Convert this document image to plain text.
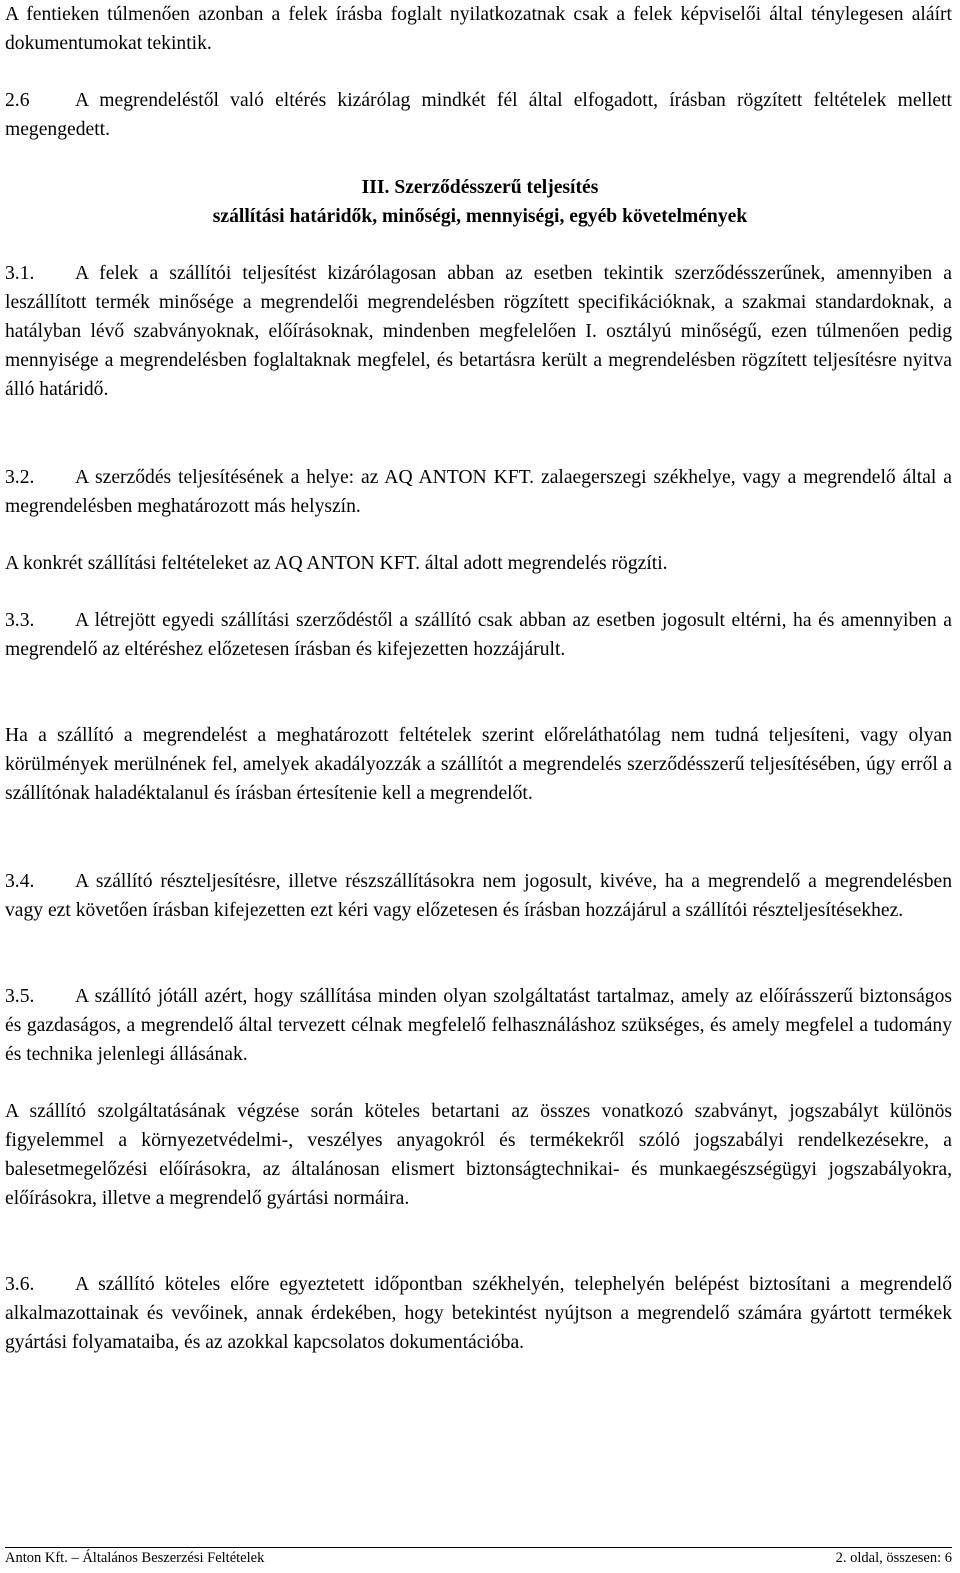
A fentieken túlmenően azonban a felek írásba foglalt nyilatkozatnak csak a felek képviselői által ténylegesen aláírt dokumentumokat tekintik.

2.6 A megrendeléstől való eltérés kizárólag mindkét fél által elfogadott, írásban rögzített feltételek mellett megengedett.

III. Szerződésszerű teljesítés
szállítási határidők, minőségi, mennyiségi, egyéb követelmények

3.1. A felek a szállítói teljesítést kizárólagosan abban az esetben tekintik szerződésszerűnek, amennyiben a leszállított termék minősége a megrendelői megrendelésben rögzített specifikációknak, a szakmai standardoknak, a hatályban lévő szabványoknak, előírásoknak, mindenben megfelelően I. osztályú minőségű, ezen túlmenően pedig mennyisége a megrendelésben foglaltaknak megfelel, és betartásra került a megrendelésben rögzített teljesítésre nyitva álló határidő.

3.2. A szerződés teljesítésének a helye: az AQ ANTON KFT. zalaegerszegi székhelye, vagy a megrendelő által a megrendelésben meghatározott más helyszín.

A konkrét szállítási feltételeket az AQ ANTON KFT. által adott megrendelés rögzíti.

3.3. A létrejött egyedi szállítási szerződéstől a szállító csak abban az esetben jogosult eltérni, ha és amennyiben a megrendelő az eltéréshez előzetesen írásban és kifejezetten hozzájárult.

Ha a szállító a megrendelést a meghatározott feltételek szerint előreláthatólag nem tudná teljesíteni, vagy olyan körülmények merülnének fel, amelyek akadályozzák a szállítót a megrendelés szerződésszerű teljesítésében, úgy erről a szállítónak haladéktalanul és írásban értesítenie kell a megrendelőt.

3.4. A szállító részteljesítésre, illetve részszállításokra nem jogosult, kivéve, ha a megrendelő a megrendelésben vagy ezt követően írásban kifejezetten ezt kéri vagy előzetesen és írásban hozzájárul a szállítói részteljesítésekhez.

3.5. A szállító jótáll azért, hogy szállítása minden olyan szolgáltatást tartalmaz, amely az előírásszerű biztonságos és gazdaságos, a megrendelő által tervezett célnak megfelelő felhasználáshoz szükséges, és amely megfelel a tudomány és technika jelenlegi állásának.

A szállító szolgáltatásának végzése során köteles betartani az összes vonatkozó szabványt, jogszabályt különös figyelemmel a környezetvédelmi-, veszélyes anyagokról és termékekről szóló jogszabályi rendelkezésekre, a balesetmegelőzési előírásokra, az általánosan elismert biztonságtechnikai- és munkaegészségügyi jogszabályokra, előírásokra, illetve a megrendelő gyártási normáira.

3.6. A szállító köteles előre egyeztetett időpontban székhelyén, telephelyén belépést biztosítani a megrendelő alkalmazottainak és vevőinek, annak érdekében, hogy betekintést nyújtson a megrendelő számára gyártott termékek gyártási folyamataiba, és az azokkal kapcsolatos dokumentációba.

Anton Kft. – Általános Beszerzési Feltételek	2. oldal, összesen: 6
